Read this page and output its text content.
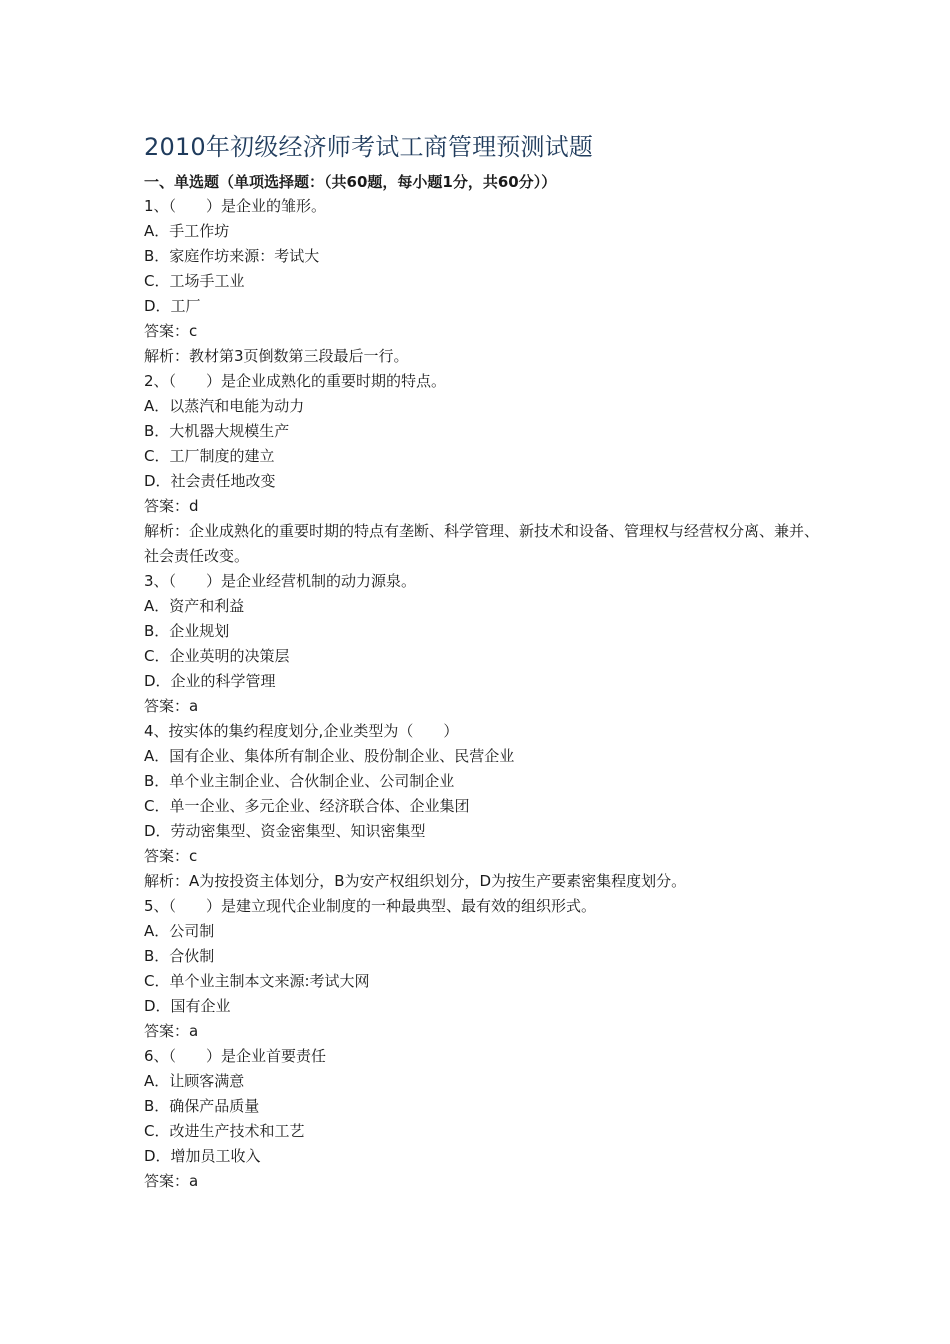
2010年初级经济师考试工商管理预测试题

一、单选题（单项选择题：（共60题，每小题1分，共60分））

1、（　　）是企业的雏形。

A．手工作坊

B．家庭作坊来源：考试大

C．工场手工业

D．工厂

答案：c

解析：教材第3页倒数第三段最后一行。

2、（　　）是企业成熟化的重要时期的特点。

A．以蒸汽和电能为动力

B．大机器大规模生产

C．工厂制度的建立

D．社会责任地改变

答案：d

解析：企业成熟化的重要时期的特点有垄断、科学管理、新技术和设备、管理权与经营权分离、兼并、社会责任改变。

3、（　　）是企业经营机制的动力源泉。

A．资产和利益

B．企业规划

C．企业英明的决策层

D．企业的科学管理

答案：a

4、按实体的集约程度划分,企业类型为（　　）

A．国有企业、集体所有制企业、股份制企业、民营企业

B．单个业主制企业、合伙制企业、公司制企业

C．单一企业、多元企业、经济联合体、企业集团

D．劳动密集型、资金密集型、知识密集型

答案：c

解析：A为按投资主体划分，B为安产权组织划分，D为按生产要素密集程度划分。

5、（　　）是建立现代企业制度的一种最典型、最有效的组织形式。

A．公司制

B．合伙制

C．单个业主制本文来源:考试大网

D．国有企业

答案：a

6、（　　）是企业首要责任

A．让顾客满意

B．确保产品质量

C．改进生产技术和工艺

D．增加员工收入

答案：a
